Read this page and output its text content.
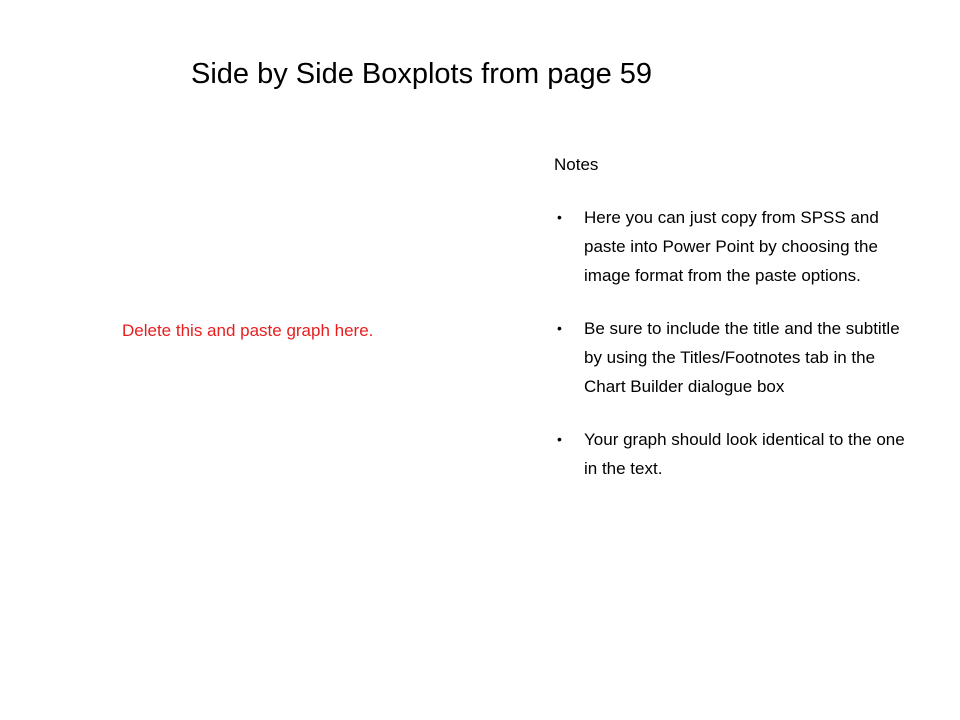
Side by Side Boxplots from page 59
Delete this and paste graph here.
Notes
• Here you can just copy from SPSS and paste into Power Point by choosing the image format from the paste options.
• Be sure to include the title and the subtitle by using the Titles/Footnotes tab in the Chart Builder dialogue box
• Your graph should look identical to the one in the text.
